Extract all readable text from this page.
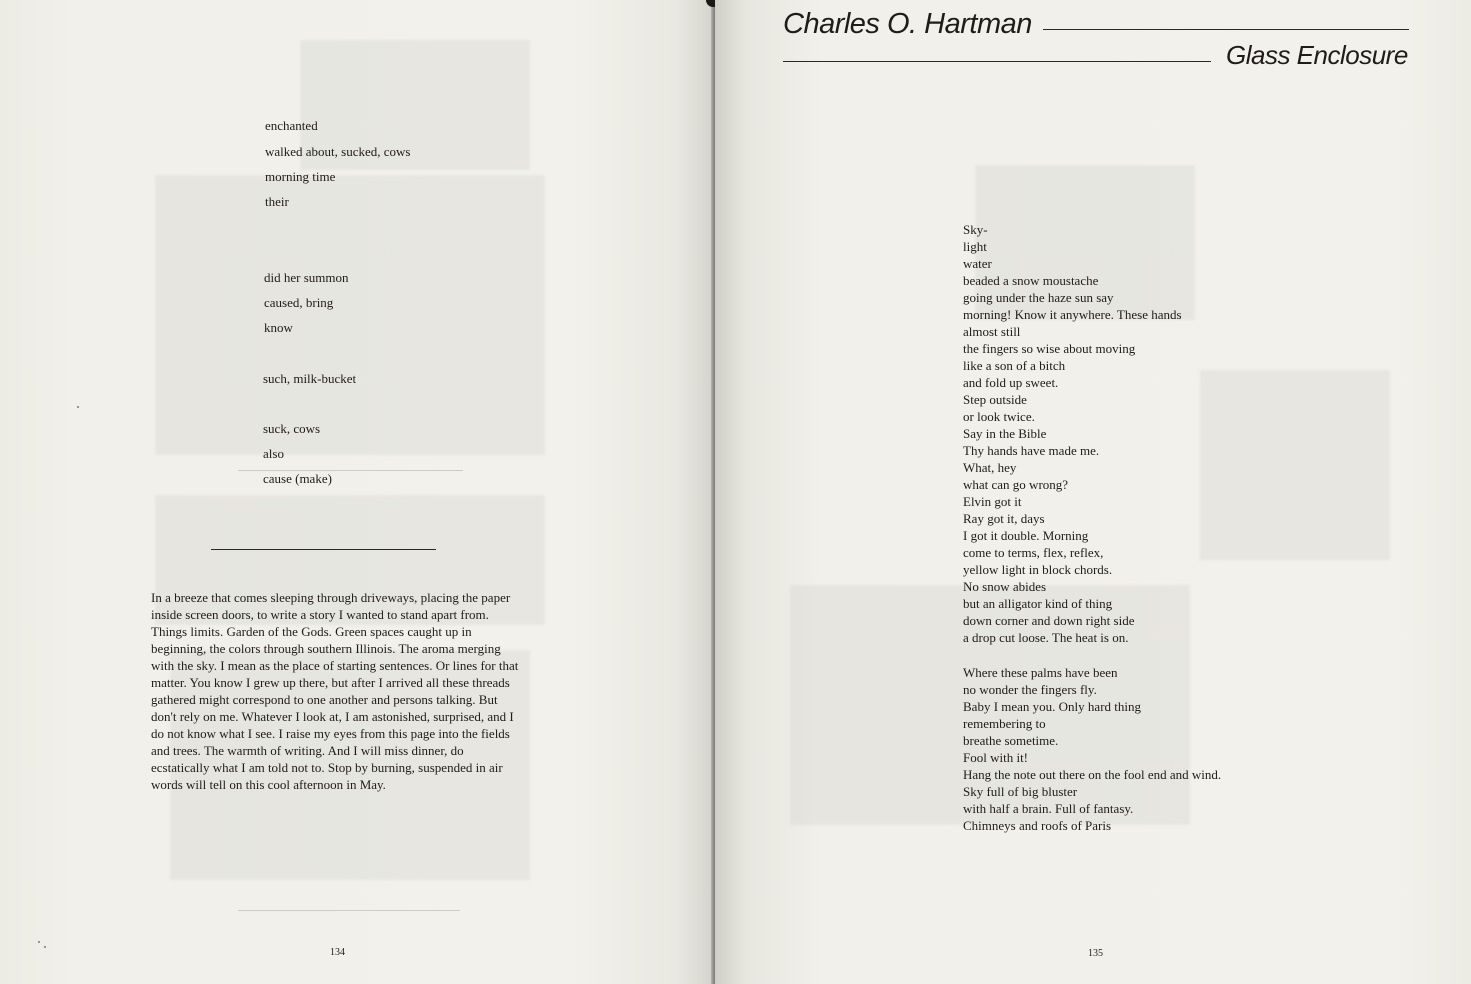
enchanted
walked about, sucked, cows
morning time
their
did her summon
caused, bring
know
such, milk-bucket
suck, cows
also
cause (make)

In a breeze that comes sleeping through driveways, placing the paper inside screen doors, to write a story I wanted to stand apart from. Things limits. Garden of the Gods. Green spaces caught up in beginning, the colors through southern Illinois. The aroma merging with the sky. I mean as the place of starting sentences. Or lines for that matter. You know I grew up there, but after I arrived all these threads gathered might correspond to one another and persons talking. But don't rely on me. Whatever I look at, I am astonished, surprised, and I do not know what I see. I raise my eyes from this page into the fields and trees. The warmth of writing. And I will miss dinner, do ecstatically what I am told not to. Stop by burning, suspended in air words will tell on this cool afternoon in May.

134
Charles O. Hartman
Glass Enclosure
Sky-
light
water
beaded a snow moustache
going under the haze sun say
morning! Know it anywhere. These hands
almost still
the fingers so wise about moving
like a son of a bitch
and fold up sweet.
Step outside
or look twice.
Say in the Bible
Thy hands have made me.
What, hey
what can go wrong?
Elvin got it
Ray got it, days
I got it double. Morning
come to terms, flex, reflex,
yellow light in block chords.
No snow abides
but an alligator kind of thing
down corner and down right side
a drop cut loose. The heat is on.
Where these palms have been
no wonder the fingers fly.
Baby I mean you. Only hard thing
remembering to
breathe sometime.
Fool with it!
Hang the note out there on the fool end and wind.
Sky full of big bluster
with half a brain. Full of fantasy.
Chimneys and roofs of Paris
135
